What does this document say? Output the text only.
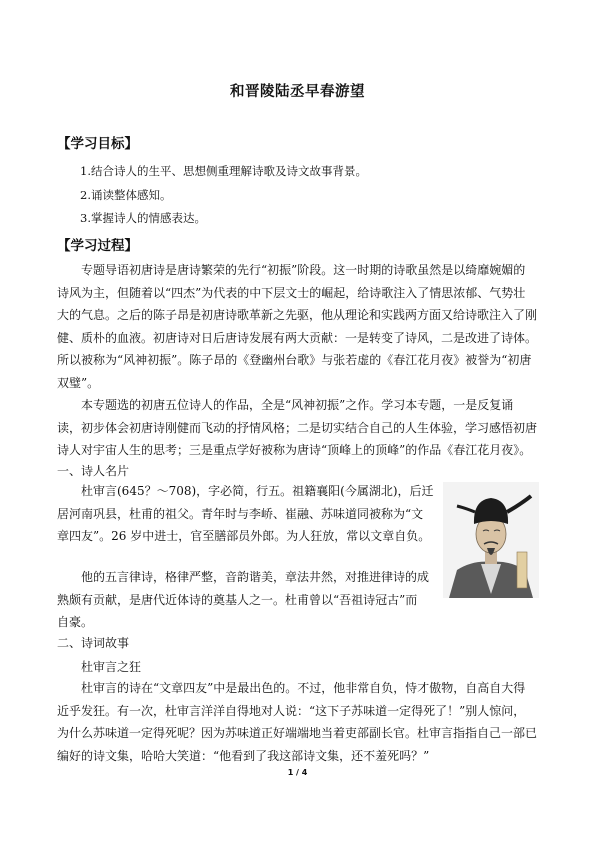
和晋陵陆丞早春游望
【学习目标】
1.结合诗人的生平、思想侧重理解诗歌及诗文故事背景。
2.诵读整体感知。
3.掌握诗人的情感表达。
【学习过程】
专题导语初唐诗是唐诗繁荣的先行“初振”阶段。这一时期的诗歌虽然是以绮靡婉媚的
诗风为主，但随着以“四杰”为代表的中下层文士的崛起，给诗歌注入了情思浓郁、气势壮
大的气息。之后的陈子昂是初唐诗歌革新之先驱，他从理论和实践两方面又给诗歌注入了刚
健、质朴的血液。初唐诗对日后唐诗发展有两大贡献：一是转变了诗风，二是改进了诗体。
所以被称为“风神初振”。陈子昂的《登幽州台歌》与张若虚的《春江花月夜》被誉为“初唐
双璧”。
本专题选的初唐五位诗人的作品，全是“风神初振”之作。学习本专题，一是反复诵
读，初步体会初唐诗刚健而飞动的抒情风格；二是切实结合自己的人生体验，学习感悟初唐
诗人对宇宙人生的思考；三是重点学好被称为唐诗“顶峰上的顶峰”的作品《春江花月夜》。
一、诗人名片
杜审言(645？～708)，字必简，行五。祖籍襄阳(今属湖北)，后迁
居河南巩县，杜甫的祖父。青年时与李峤、崔融、苏味道同被称为“文
章四友”。26 岁中进士，官至膳部员外郎。为人狂放，常以文章自负。
他的五言律诗，格律严整，音韵谐美，章法井然，对推进律诗的成
熟颇有贡献，是唐代近体诗的奠基人之一。杜甫曾以“吾祖诗冠古”而
自豪。
二、诗词故事
杜审言之狂
杜审言的诗在“文章四友”中是最出色的。不过，他非常自负，恃才傲物，自高自大得
近乎发狂。有一次，杜审言洋洋自得地对人说：“这下子苏味道一定得死了！”别人惊问，
为什么苏味道一定得死呢？因为苏味道正好端端地当着吏部副长官。杜审言指指自己一部已
编好的诗文集，哈哈大笑道：“他看到了我这部诗文集，还不羞死吗？”
1 / 4
